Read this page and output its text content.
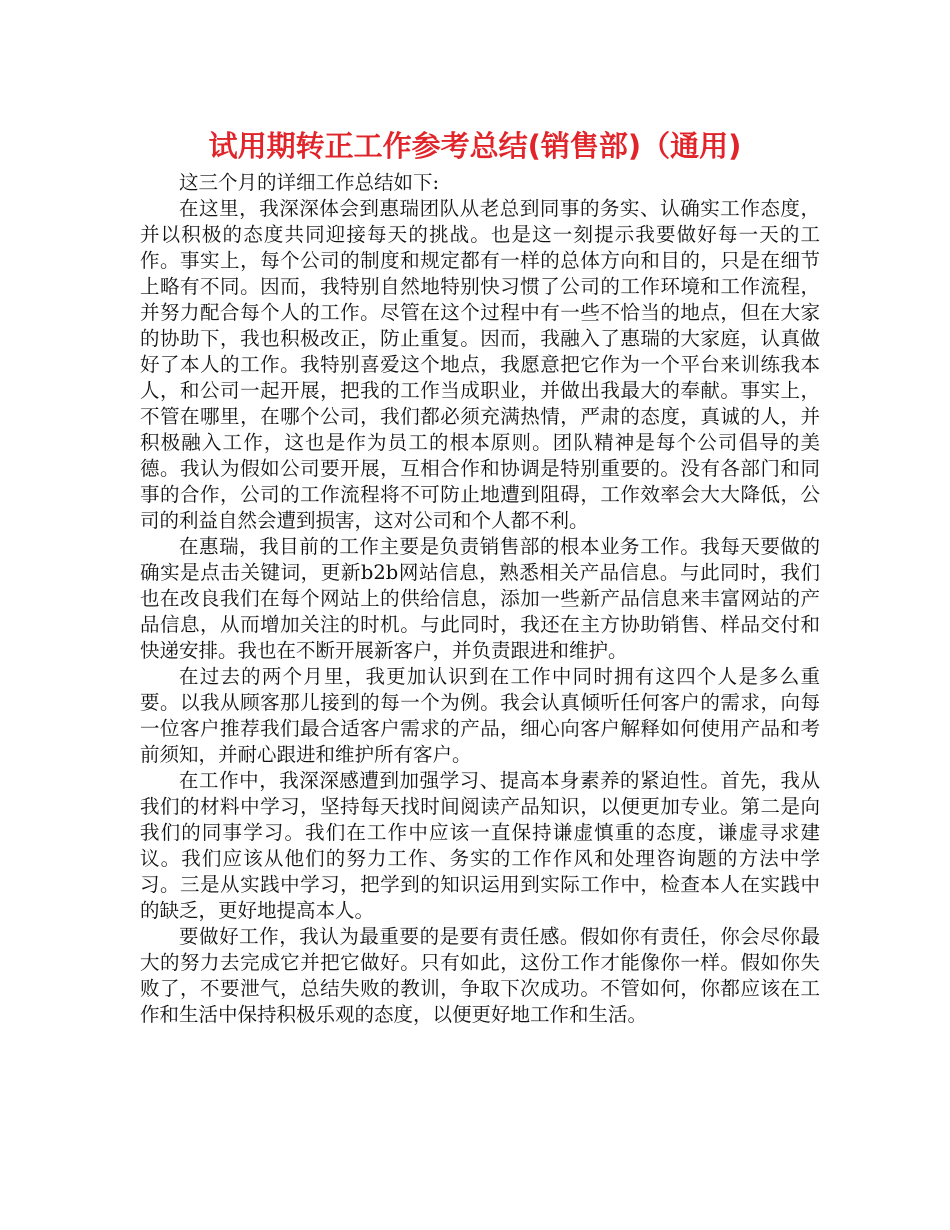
试用期转正工作参考总结(销售部)（通用)

这三个月的详细工作总结如下:

在这里，我深深体会到惠瑞团队从老总到同事的务实、认确实工作态度，并以积极的态度共同迎接每天的挑战。也是这一刻提示我要做好每一天的工作。事实上，每个公司的制度和规定都有一样的总体方向和目的，只是在细节上略有不同。因而，我特别自然地特别快习惯了公司的工作环境和工作流程，并努力配合每个人的工作。尽管在这个过程中有一些不恰当的地点，但在大家的协助下，我也积极改正，防止重复。因而，我融入了惠瑞的大家庭，认真做好了本人的工作。我特别喜爱这个地点，我愿意把它作为一个平台来训练我本人，和公司一起开展，把我的工作当成职业，并做出我最大的奉献。事实上，不管在哪里，在哪个公司，我们都必须充满热情，严肃的态度，真诚的人，并积极融入工作，这也是作为员工的根本原则。团队精神是每个公司倡导的美德。我认为假如公司要开展，互相合作和协调是特别重要的。没有各部门和同事的合作，公司的工作流程将不可防止地遭到阻碍，工作效率会大大降低，公司的利益自然会遭到损害，这对公司和个人都不利。

在惠瑞，我目前的工作主要是负责销售部的根本业务工作。我每天要做的确实是点击关键词，更新b2b网站信息，熟悉相关产品信息。与此同时，我们也在改良我们在每个网站上的供给信息，添加一些新产品信息来丰富网站的产品信息，从而增加关注的时机。与此同时，我还在主方协助销售、样品交付和快递安排。我也在不断开展新客户，并负责跟进和维护。

在过去的两个月里，我更加认识到在工作中同时拥有这四个人是多么重要。以我从顾客那儿接到的每一个为例。我会认真倾听任何客户的需求，向每一位客户推荐我们最合适客户需求的产品，细心向客户解释如何使用产品和考前须知，并耐心跟进和维护所有客户。

在工作中，我深深感遭到加强学习、提高本身素养的紧迫性。首先，我从我们的材料中学习，坚持每天找时间阅读产品知识，以便更加专业。第二是向我们的同事学习。我们在工作中应该一直保持谦虚慎重的态度，谦虚寻求建议。我们应该从他们的努力工作、务实的工作作风和处理咨询题的方法中学习。三是从实践中学习，把学到的知识运用到实际工作中，检查本人在实践中的缺乏，更好地提高本人。

要做好工作，我认为最重要的是要有责任感。假如你有责任，你会尽你最大的努力去完成它并把它做好。只有如此，这份工作才能像你一样。假如你失败了，不要泄气，总结失败的教训，争取下次成功。不管如何，你都应该在工作和生活中保持积极乐观的态度，以便更好地工作和生活。
